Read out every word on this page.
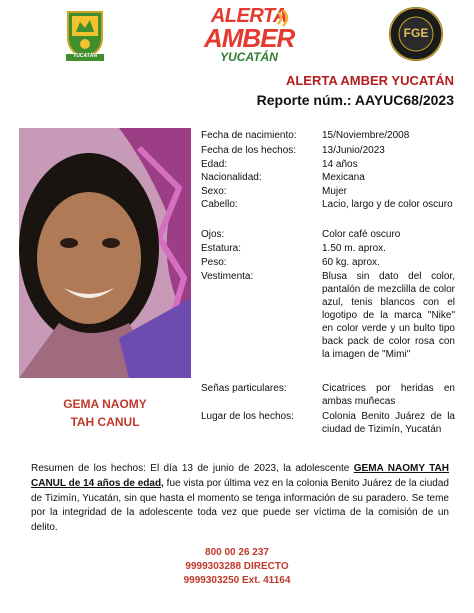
YUCATÁN
ALERTA
AMBER
YUCATÁN
FGE
ALERTA AMBER YUCATÁN
Reporte núm.: AAYUC68/2023
GEMA NAOMY
TAH CANUL
Fecha de nacimiento:	15/Noviembre/2008
Fecha de los hechos:	13/Junio/2023
Edad:	14 años
Nacionalidad:	Mexicana
Sexo:	Mujer
Cabello:	Lacio, largo y de color oscuro
Ojos:	Color café oscuro
Estatura:	1.50 m. aprox.
Peso:	60 kg. aprox.
Vestimenta:	Blusa sin dato del color, pantalón de mezclilla de color azul, tenis blancos con el logotipo de la marca "Nike" en color verde y un bulto tipo back pack de color rosa con la imagen de "Mimi"
Señas particulares:	Cicatrices por heridas en ambas muñecas
Lugar de los hechos:	Colonia Benito Juárez de la ciudad de Tizimín, Yucatán
Resumen de los hechos: El día 13 de junio de 2023, la adolescente GEMA NAOMY TAH CANUL de 14 años de edad, fue vista por última vez en la colonia Benito Juárez de la ciudad de Tizimín, Yucatán, sin que hasta el momento se tenga información de su paradero. Se teme por la integridad de la adolescente toda vez que puede ser víctima de la comisión de un delito.
800 00 26 237
9999303288 DIRECTO
9999303250 Ext. 41164
